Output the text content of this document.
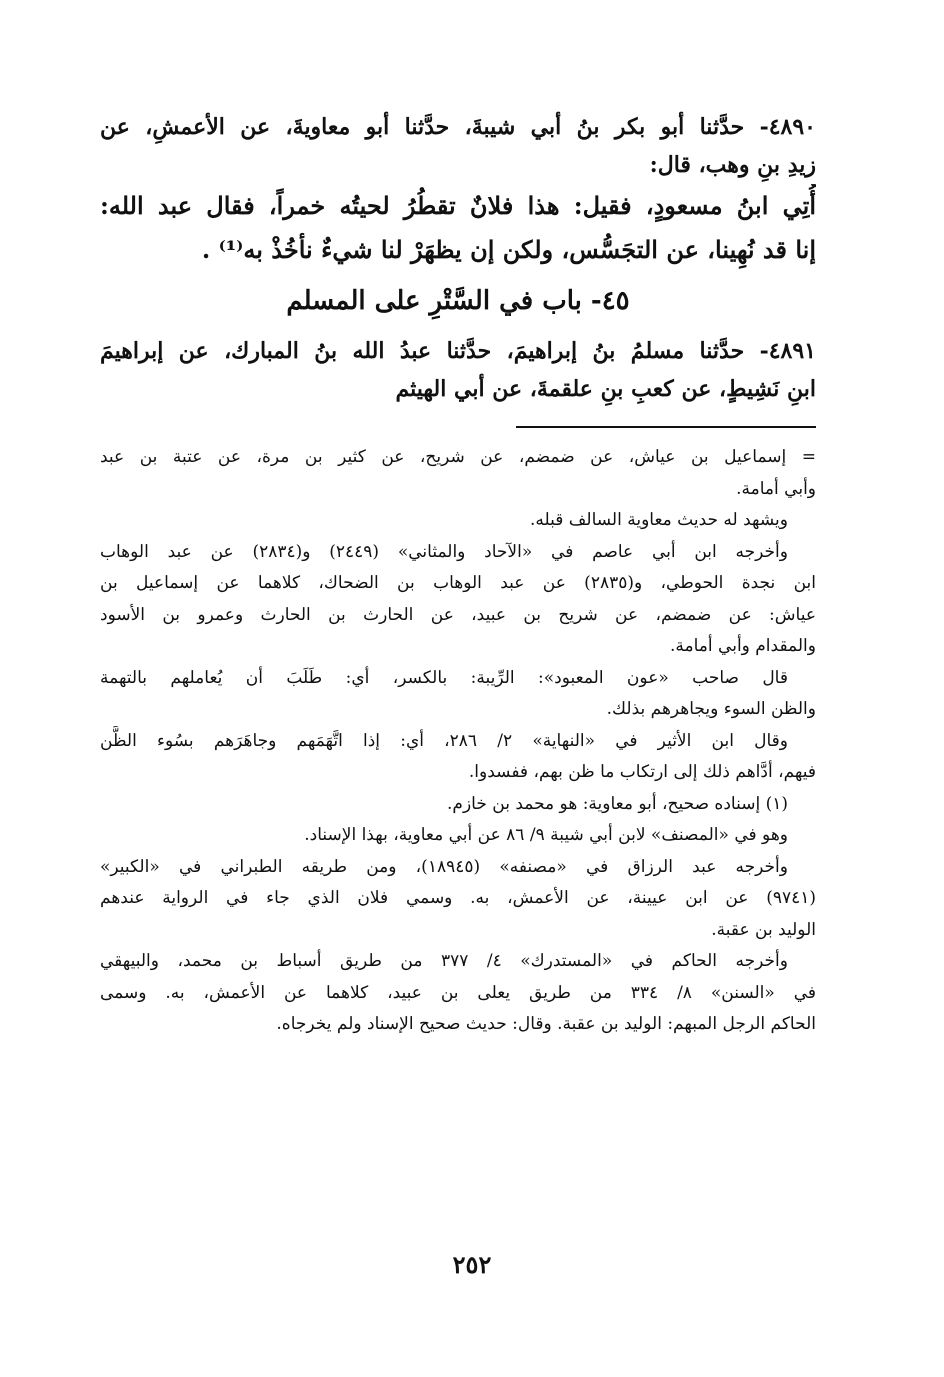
٤٨٩٠- حدَّثنا أبو بكر بنُ أبي شيبةَ، حدَّثنا أبو معاويةَ، عن الأعمشِ، عن
زيدِ بنِ وهب، قال:
أُتِي ابنُ مسعودٍ، فقيل: هذا فلانٌ تقطُرُ لحيتُه خمراً، فقال عبد الله:
إنا قد نُهِينا، عن التجَسُّس، ولكن إن يظهَرْ لنا شيءٌ نأخُذْ به⁽¹⁾ .
٤٥- باب في السَّتْرِ على المسلم
٤٨٩١- حدَّثنا مسلمُ بنُ إبراهيمَ، حدَّثنا عبدُ الله بنُ المبارك، عن إبراهيمَ
ابنِ نَشِيطٍ، عن كعبِ بنِ علقمةَ، عن أبي الهيثم
= إسماعيل بن عياش، عن ضمضم، عن شريح، عن كثير بن مرة، عن عتبة بن عبد
وأبي أمامة.
ويشهد له حديث معاوية السالف قبله.
وأخرجه ابن أبي عاصم في «الآحاد والمثاني» (٢٤٤٩) و(٢٨٣٤) عن عبد الوهاب
ابن نجدة الحوطي، و(٢٨٣٥) عن عبد الوهاب بن الضحاك، كلاهما عن إسماعيل بن
عياش: عن ضمضم، عن شريح بن عبيد، عن الحارث بن الحارث وعمرو بن الأسود
والمقدام وأبي أمامة.
قال صاحب «عون المعبود»: الرِّيبة: بالكسر، أي: طَلَبَ أن يُعاملهم بالتهمة
والظن السوء ويجاهرهم بذلك.
وقال ابن الأثير في «النهاية» ٢/ ٢٨٦، أي: إذا اتَّهَمَهم وجاهَرَهم بسُوء الظَّن
فيهم، أدَّاهم ذلك إلى ارتكاب ما ظن بهم، ففسدوا.
(١) إسناده صحيح، أبو معاوية: هو محمد بن خازم.
وهو في «المصنف» لابن أبي شيبة ٩/ ٨٦ عن أبي معاوية، بهذا الإسناد.
وأخرجه عبد الرزاق في «مصنفه» (١٨٩٤٥)، ومن طريقه الطبراني في «الكبير»
(٩٧٤١) عن ابن عيينة، عن الأعمش، به. وسمي فلان الذي جاء في الرواية عندهم
الوليد بن عقبة.
وأخرجه الحاكم في «المستدرك» ٤/ ٣٧٧ من طريق أسباط بن محمد، والبيهقي
في «السنن» ٨/ ٣٣٤ من طريق يعلى بن عبيد، كلاهما عن الأعمش، به. وسمى
الحاكم الرجل المبهم: الوليد بن عقبة. وقال: حديث صحيح الإسناد ولم يخرجاه.
٢٥٢
